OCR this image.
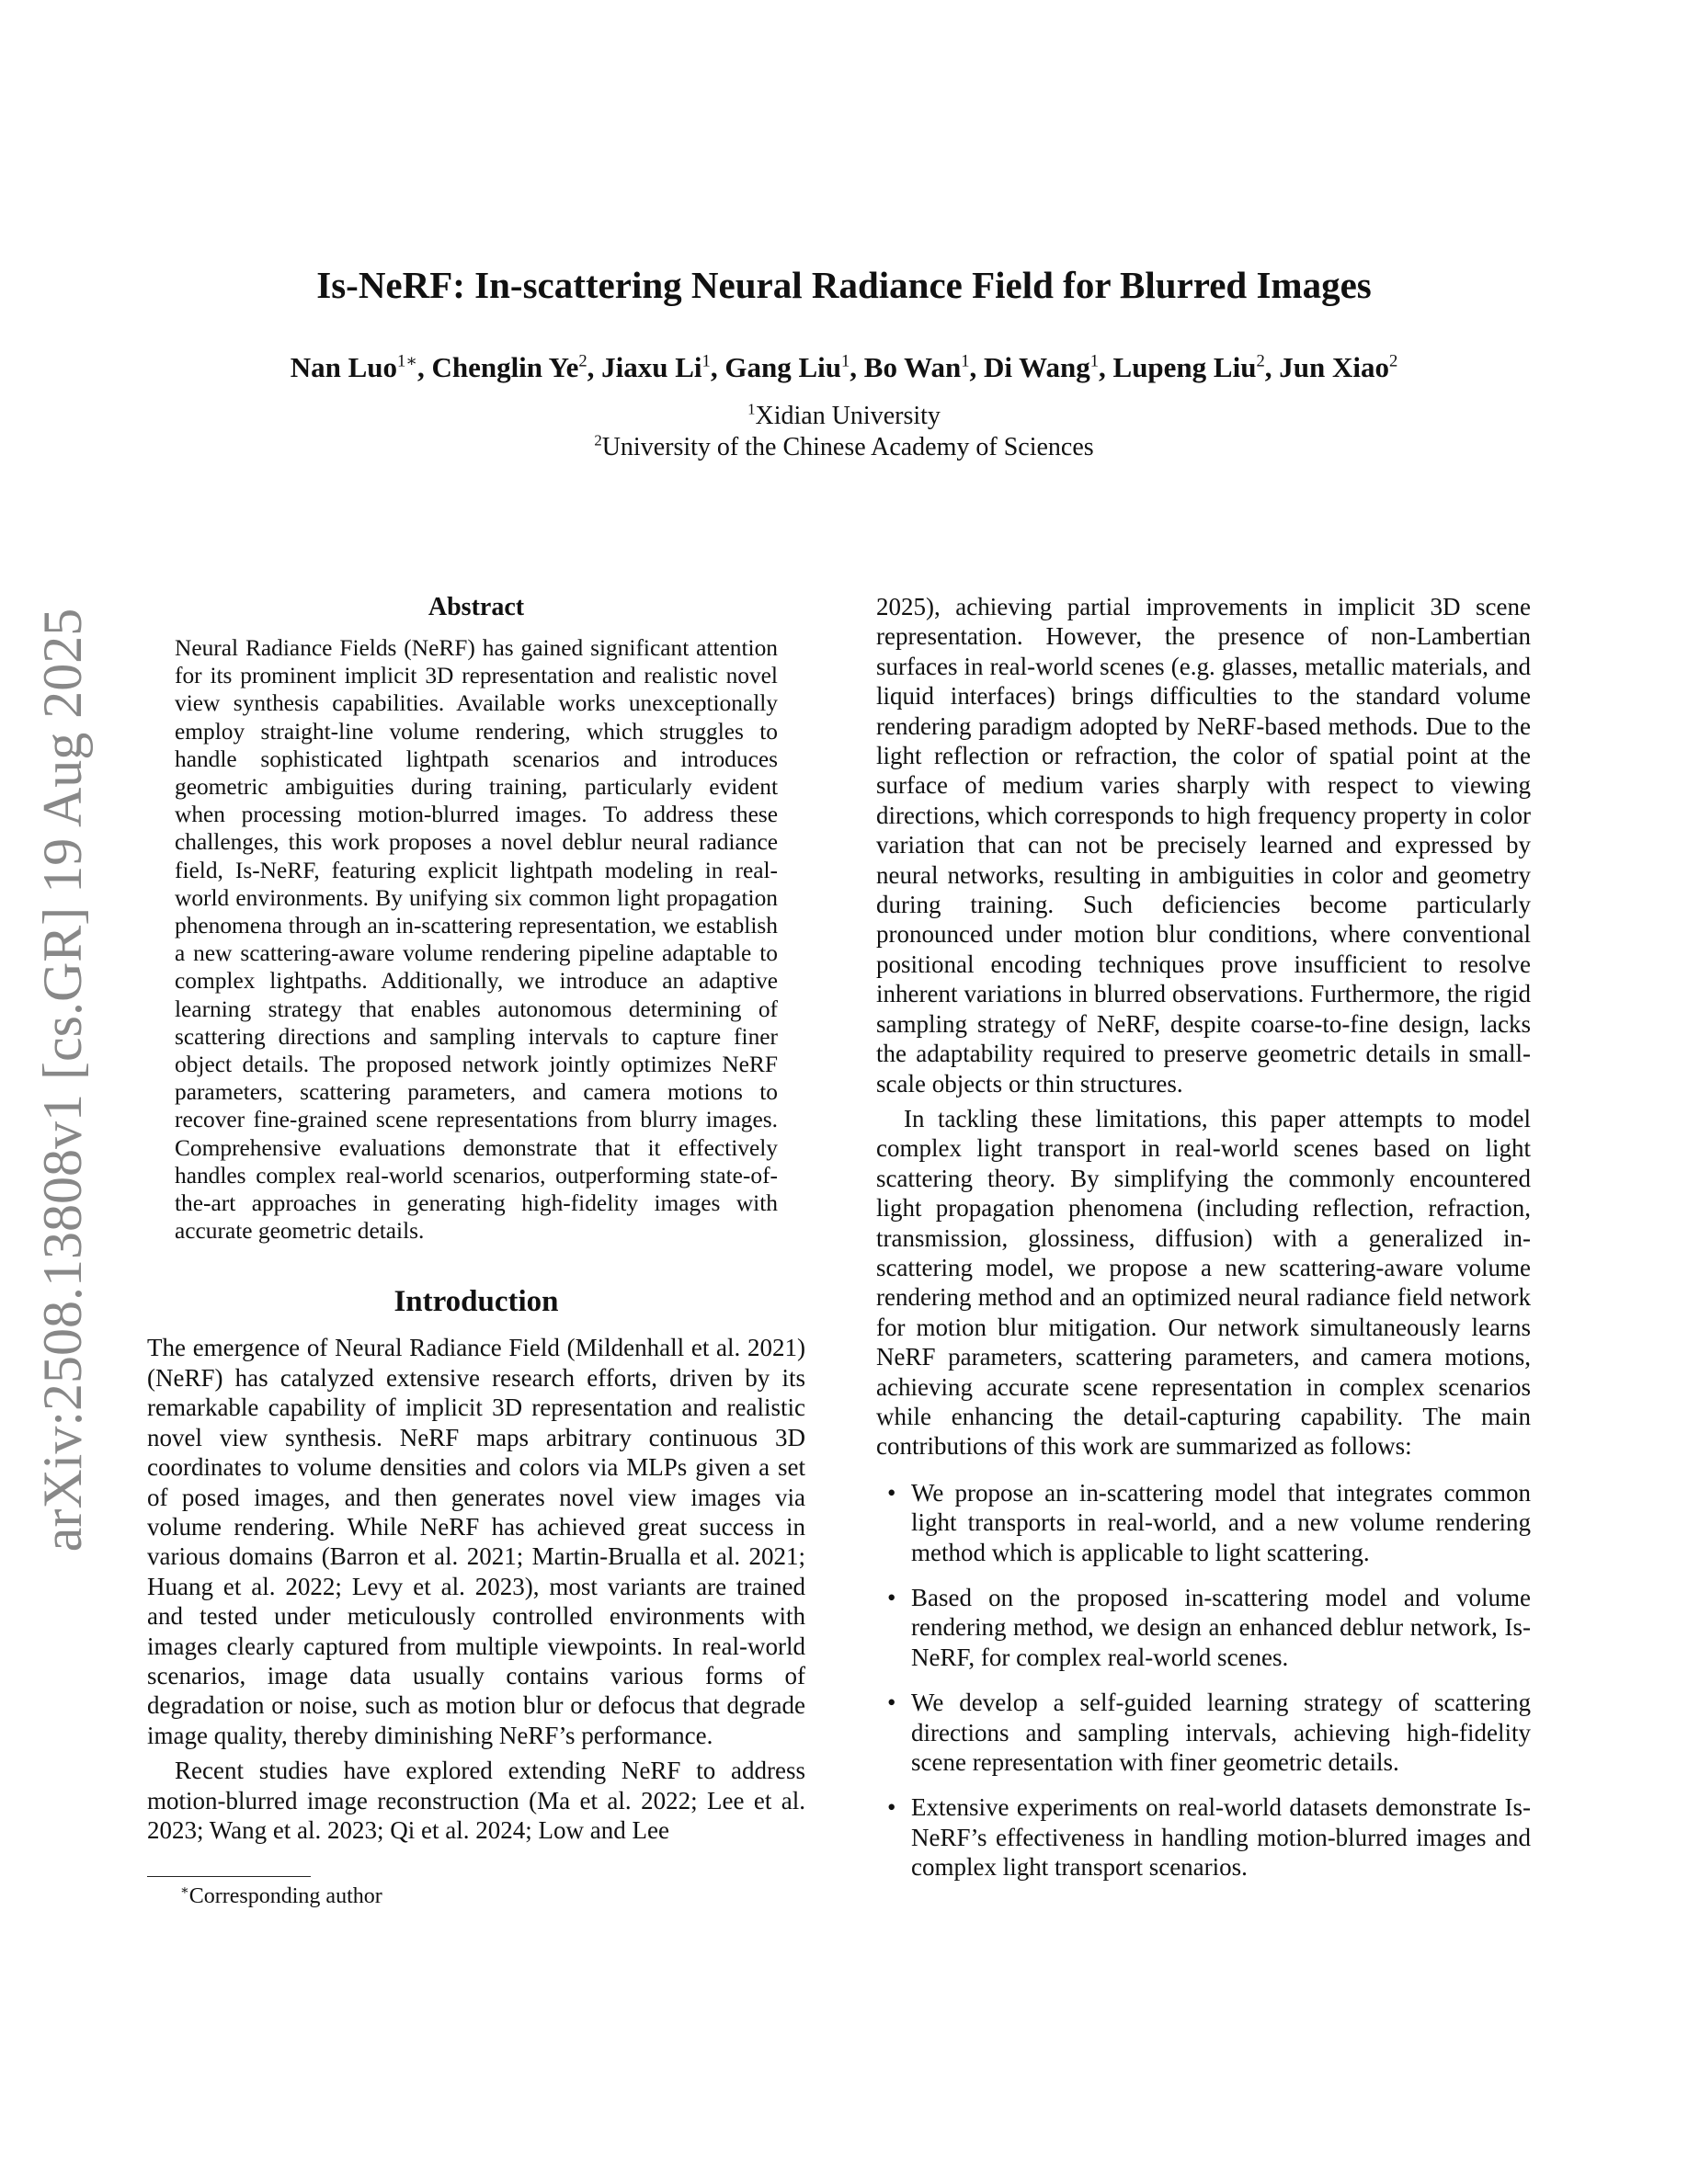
arXiv:2508.13808v1 [cs.GR] 19 Aug 2025
Is-NeRF: In-scattering Neural Radiance Field for Blurred Images

Nan Luo$^{1∗}$, Chenglin Ye$^2$, Jiaxu Li$^1$, Gang Liu$^1$, Bo Wan$^1$, Di Wang$^1$, Lupeng Liu$^2$, Jun Xiao$^2$

$^1$Xidian University

$^2$University of the Chinese Academy of Sciences

Abstract

Neural Radiance Fields (NeRF) has gained significant attention for its prominent implicit 3D representation and realistic novel view synthesis capabilities. Available works unexceptionally employ straight-line volume rendering, which struggles to handle sophisticated lightpath scenarios and introduces geometric ambiguities during training, particularly evident when processing motion-blurred images. To address these challenges, this work proposes a novel deblur neural radiance field, Is-NeRF, featuring explicit lightpath modeling in real-world environments. By unifying six common light propagation phenomena through an in-scattering representation, we establish a new scattering-aware volume rendering pipeline adaptable to complex lightpaths. Additionally, we introduce an adaptive learning strategy that enables autonomous determining of scattering directions and sampling intervals to capture finer object details. The proposed network jointly optimizes NeRF parameters, scattering parameters, and camera motions to recover fine-grained scene representations from blurry images. Comprehensive evaluations demonstrate that it effectively handles complex real-world scenarios, outperforming state-of-the-art approaches in generating high-fidelity images with accurate geometric details.

Introduction

The emergence of Neural Radiance Field (Mildenhall et al. 2021) (NeRF) has catalyzed extensive research efforts, driven by its remarkable capability of implicit 3D representation and realistic novel view synthesis. NeRF maps arbitrary continuous 3D coordinates to volume densities and colors via MLPs given a set of posed images, and then generates novel view images via volume rendering. While NeRF has achieved great success in various domains (Barron et al. 2021; Martin-Brualla et al. 2021; Huang et al. 2022; Levy et al. 2023), most variants are trained and tested under meticulously controlled environments with images clearly captured from multiple viewpoints. In real-world scenarios, image data usually contains various forms of degradation or noise, such as motion blur or defocus that degrade image quality, thereby diminishing NeRF’s performance.

Recent studies have explored extending NeRF to address motion-blurred image reconstruction (Ma et al. 2022; Lee et al. 2023; Wang et al. 2023; Qi et al. 2024; Low and Lee

2025), achieving partial improvements in implicit 3D scene representation. However, the presence of non-Lambertian surfaces in real-world scenes (e.g. glasses, metallic materials, and liquid interfaces) brings difficulties to the standard volume rendering paradigm adopted by NeRF-based methods. Due to the light reflection or refraction, the color of spatial point at the surface of medium varies sharply with respect to viewing directions, which corresponds to high frequency property in color variation that can not be precisely learned and expressed by neural networks, resulting in ambiguities in color and geometry during training. Such deficiencies become particularly pronounced under motion blur conditions, where conventional positional encoding techniques prove insufficient to resolve inherent variations in blurred observations. Furthermore, the rigid sampling strategy of NeRF, despite coarse-to-fine design, lacks the adaptability required to preserve geometric details in small-scale objects or thin structures.

In tackling these limitations, this paper attempts to model complex light transport in real-world scenes based on light scattering theory. By simplifying the commonly encountered light propagation phenomena (including reflection, refraction, transmission, glossiness, diffusion) with a generalized in-scattering model, we propose a new scattering-aware volume rendering method and an optimized neural radiance field network for motion blur mitigation. Our network simultaneously learns NeRF parameters, scattering parameters, and camera motions, achieving accurate scene representation in complex scenarios while enhancing the detail-capturing capability. The main contributions of this work are summarized as follows:

• We propose an in-scattering model that integrates common light transports in real-world, and a new volume rendering method which is applicable to light scattering.
• Based on the proposed in-scattering model and volume rendering method, we design an enhanced deblur network, Is-NeRF, for complex real-world scenes.
• We develop a self-guided learning strategy of scattering directions and sampling intervals, achieving high-fidelity scene representation with finer geometric details.
• Extensive experiments on real-world datasets demonstrate Is-NeRF’s effectiveness in handling motion-blurred images and complex light transport scenarios.

∗Corresponding author
